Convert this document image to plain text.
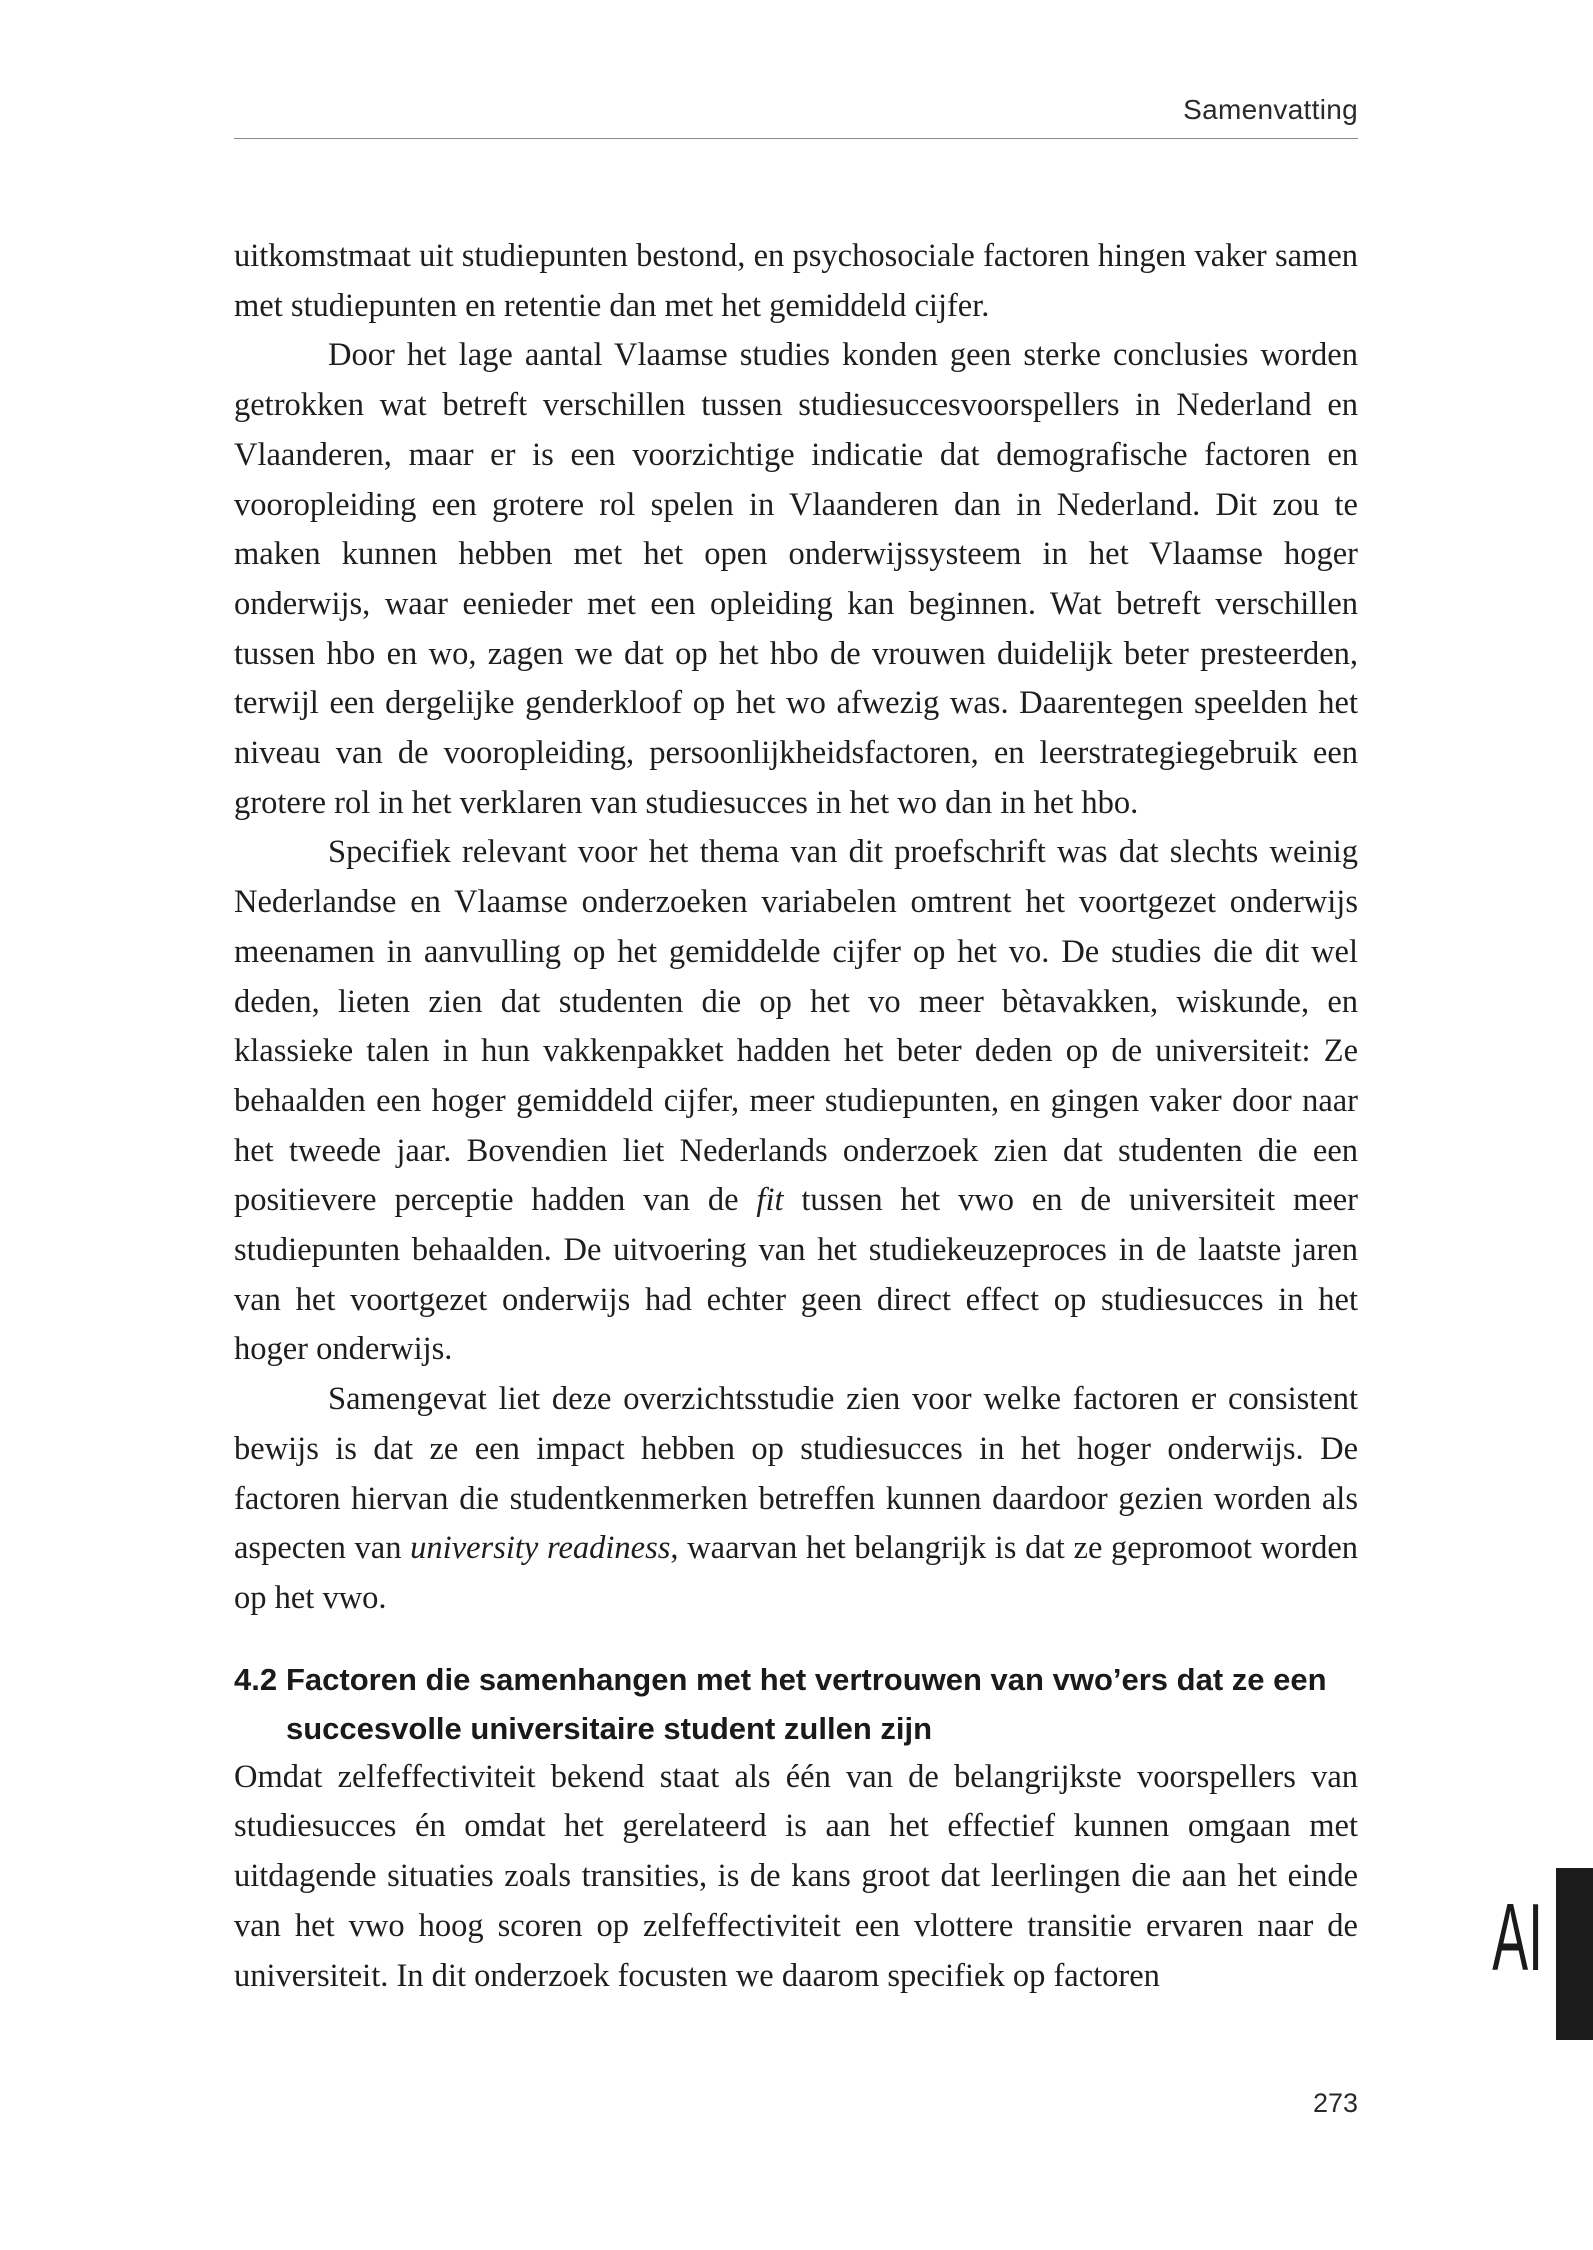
Samenvatting

uitkomstmaat uit studiepunten bestond, en psychosociale factoren hingen vaker samen met studiepunten en retentie dan met het gemiddeld cijfer.

Door het lage aantal Vlaamse studies konden geen sterke conclusies worden getrokken wat betreft verschillen tussen studiesuccesvoorspellers in Nederland en Vlaanderen, maar er is een voorzichtige indicatie dat demografische factoren en vooropleiding een grotere rol spelen in Vlaanderen dan in Nederland. Dit zou te maken kunnen hebben met het open onderwijssysteem in het Vlaamse hoger onderwijs, waar eenieder met een opleiding kan beginnen. Wat betreft verschillen tussen hbo en wo, zagen we dat op het hbo de vrouwen duidelijk beter presteerden, terwijl een dergelijke genderkloof op het wo afwezig was. Daarentegen speelden het niveau van de vooropleiding, persoonlijkheidsfactoren, en leerstrategiegebruik een grotere rol in het verklaren van studiesucces in het wo dan in het hbo.

Specifiek relevant voor het thema van dit proefschrift was dat slechts weinig Nederlandse en Vlaamse onderzoeken variabelen omtrent het voortgezet onderwijs meenamen in aanvulling op het gemiddelde cijfer op het vo. De studies die dit wel deden, lieten zien dat studenten die op het vo meer bètavakken, wiskunde, en klassieke talen in hun vakkenpakket hadden het beter deden op de universiteit: Ze behaalden een hoger gemiddeld cijfer, meer studiepunten, en gingen vaker door naar het tweede jaar. Bovendien liet Nederlands onderzoek zien dat studenten die een positievere perceptie hadden van de fit tussen het vwo en de universiteit meer studiepunten behaalden. De uitvoering van het studiekeuzeproces in de laatste jaren van het voortgezet onderwijs had echter geen direct effect op studiesucces in het hoger onderwijs.

Samengevat liet deze overzichtsstudie zien voor welke factoren er consistent bewijs is dat ze een impact hebben op studiesucces in het hoger onderwijs. De factoren hiervan die studentkenmerken betreffen kunnen daardoor gezien worden als aspecten van university readiness, waarvan het belangrijk is dat ze gepromoot worden op het vwo.

4.2 Factoren die samenhangen met het vertrouwen van vwo’ers dat ze een succesvolle universitaire student zullen zijn

Omdat zelfeffectiviteit bekend staat als één van de belangrijkste voorspellers van studiesucces én omdat het gerelateerd is aan het effectief kunnen omgaan met uitdagende situaties zoals transities, is de kans groot dat leerlingen die aan het einde van het vwo hoog scoren op zelfeffectiviteit een vlottere transitie ervaren naar de universiteit. In dit onderzoek focusten we daarom specifiek op factoren	AI
273
